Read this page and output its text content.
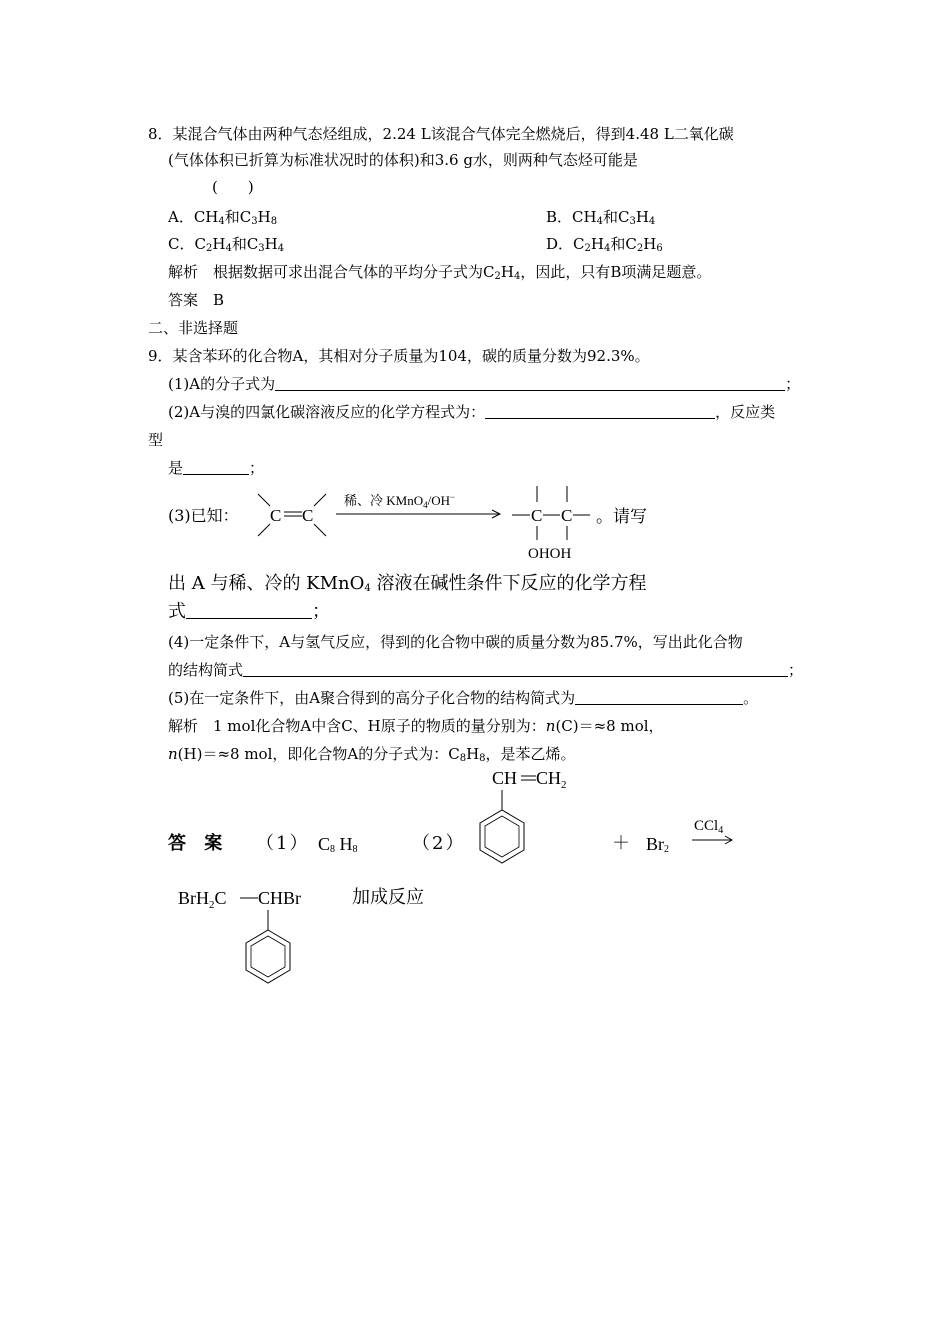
8．某混合气体由两种气态烃组成，2.24 L该混合气体完全燃烧后，得到4.48 L二氧化碳
(气体体积已折算为标准状况时的体积)和3.6 g水，则两种气态烃可能是
(　　)
A．$CH_4$和$C_3H_8$	B．$CH_4$和$C_3H_4$
C．$C_2H_4$和$C_3H_4$	D．$C_2H_4$和$C_2H_6$
解析　根据数据可求出混合气体的平均分子式为$C_2H_4$，因此，只有B项满足题意。
答案　B
二、非选择题
9．某含苯环的化合物A，其相对分子质量为104，碳的质量分数为92.3%。
(1)A的分子式为	；
(2)A与溴的四氯化碳溶液反应的化学方程式为：	，反应类
型
是	；
(3)已知： C C
稀、冷 KMnO$_4$/OH−
C C
OHOH
。请写
出 A 与稀、冷的 KMnO$_4$ 溶液在碱性条件下反应的化学方程
式	；
(4)一定条件下，A与氢气反应，得到的化合物中碳的质量分数为85.7%，写出此化合物
的结构简式	；
(5)在一定条件下，由A聚合得到的高分子化合物的结构简式为	。
解析　1 mol化合物A中含C、H原子的物质的量分别为：n(C)＝≈8 mol，
n(H)＝≈8 mol，即化合物A的分子式为：$C_8H_8$，是苯乙烯。
答 案 （1） $C_8$ $H_8$	（2）
CH $CH_2$
＋ $Br_2$
CCl$_4$
BrH$_2$C CHBr	加成反应
